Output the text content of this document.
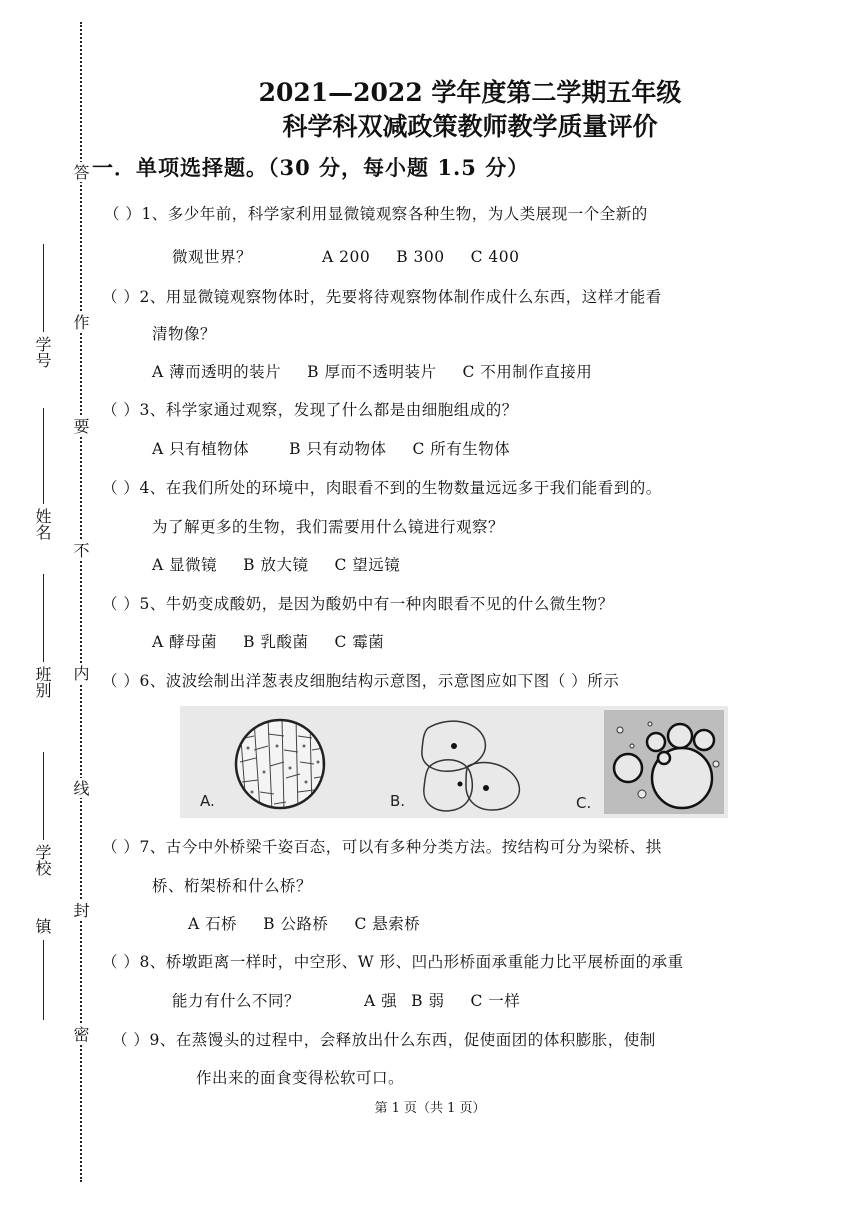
答
作
要
不
内
线
封
密
学号
姓名
班别
学校
镇
2021—2022 学年度第二学期五年级
科学科双减政策教师教学质量评价
一．单项选择题。（30 分，每小题 1.5 分）
（ ）1、多少年前，科学家利用显微镜观察各种生物，为人类展现一个全新的
微观世界？	A 200 B 300 C 400
（ ）2、用显微镜观察物体时，先要将待观察物体制作成什么东西，这样才能看
清物像？
A 薄而透明的装片 B 厚而不透明装片 C 不用制作直接用
（ ）3、科学家通过观察，发现了什么都是由细胞组成的？
A 只有植物体	B 只有动物体 C 所有生物体
（ ）4、在我们所处的环境中，肉眼看不到的生物数量远远多于我们能看到的。
为了解更多的生物，我们需要用什么镜进行观察？
A 显微镜 B 放大镜 C 望远镜
（ ）5、牛奶变成酸奶，是因为酸奶中有一种肉眼看不见的什么微生物？
A 酵母菌 B 乳酸菌 C 霉菌
（ ）6、波波绘制出洋葱表皮细胞结构示意图，示意图应如下图（ ）所示
A.	B.	C.
（ ）7、古今中外桥梁千姿百态，可以有多种分类方法。按结构可分为梁桥、拱
桥、桁架桥和什么桥？
A 石桥 B 公路桥 C 悬索桥
（ ）8、桥墩距离一样时，中空形、W 形、凹凸形桥面承重能力比平展桥面的承重
能力有什么不同？	A 强 B 弱 C 一样
（ ）9、在蒸馒头的过程中，会释放出什么东西，促使面团的体积膨胀，使制
作出来的面食变得松软可口。
第 1 页（共 1 页）
